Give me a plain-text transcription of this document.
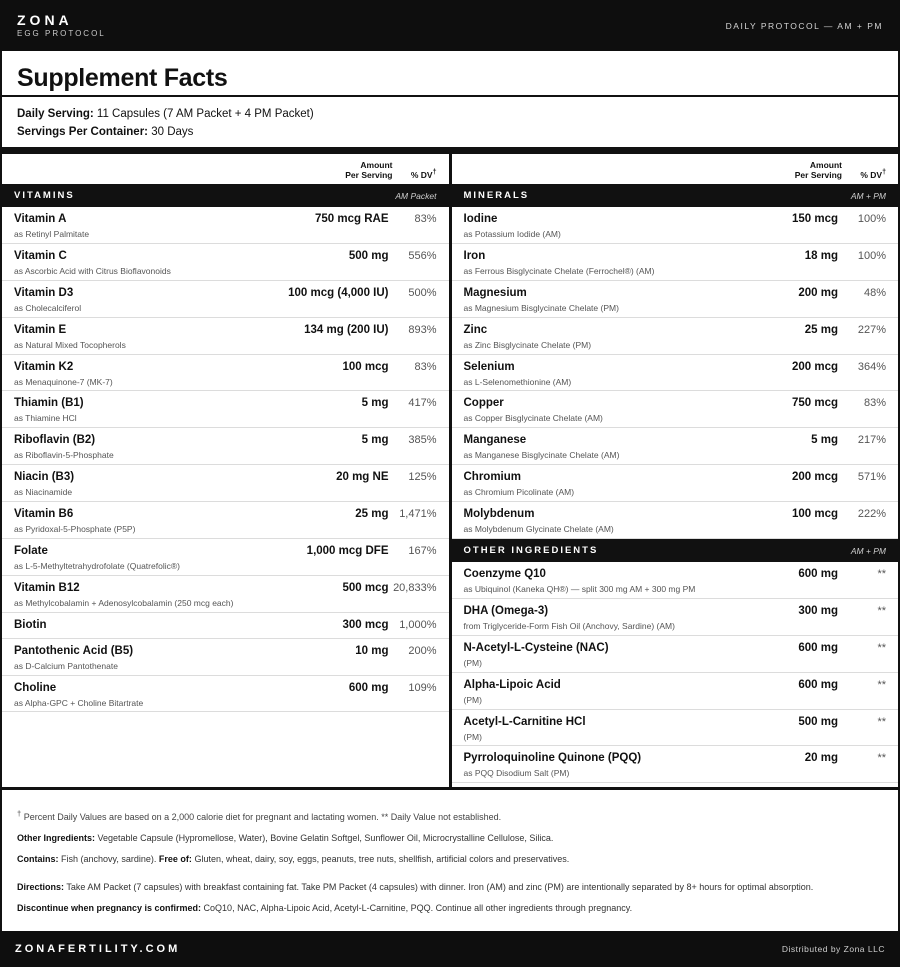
ZONA
EGG PROTOCOL
DAILY PROTOCOL — AM + PM
Supplement Facts
Daily Serving: 11 Capsules (7 AM Packet + 4 PM Packet)
Servings Per Container: 30 Days
Amount
Per Serving	% DV†
VITAMINS	AM Packet
Vitamin A
as Retinyl Palmitate
750 mcg RAE	83%
Vitamin C
as Ascorbic Acid with Citrus Bioflavonoids
500 mg	556%
Vitamin D3
as Cholecalciferol
100 mcg (4,000 IU)	500%
Vitamin E
as Natural Mixed Tocopherols
134 mg (200 IU)	893%
Vitamin K2
as Menaquinone-7 (MK-7)
100 mcg	83%
Thiamin (B1)
as Thiamine HCl
5 mg	417%
Riboflavin (B2)
as Riboflavin-5-Phosphate
5 mg	385%
Niacin (B3)
as Niacinamide
20 mg NE	125%
Vitamin B6
as Pyridoxal-5-Phosphate (P5P)
25 mg 1,471%
Folate
as L-5-Methyltetrahydrofolate (Quatrefolic®)
1,000 mcg DFE	167%
Vitamin B12
as Methylcobalamin + Adenosylcobalamin (250 mcg each)
500 mcg 20,833%
Biotin	300 mcg 1,000%
Pantothenic Acid (B5)
as D-Calcium Pantothenate
10 mg	200%
Choline
as Alpha-GPC + Choline Bitartrate
600 mg	109%
Amount
Per Serving	% DV†
MINERALS	AM + PM
Iodine
as Potassium Iodide (AM)
150 mcg	100%
Iron
as Ferrous Bisglycinate Chelate (Ferrochel®) (AM)
18 mg	100%
Magnesium
as Magnesium Bisglycinate Chelate (PM)
200 mg	48%
Zinc
as Zinc Bisglycinate Chelate (PM)
25 mg	227%
Selenium
as L-Selenomethionine (AM)
200 mcg	364%
Copper
as Copper Bisglycinate Chelate (AM)
750 mcg	83%
Manganese
as Manganese Bisglycinate Chelate (AM)
5 mg	217%
Chromium
as Chromium Picolinate (AM)
200 mcg	571%
Molybdenum
as Molybdenum Glycinate Chelate (AM)
100 mcg	222%
OTHER INGREDIENTS	AM + PM
Coenzyme Q10
as Ubiquinol (Kaneka QH®) — split 300 mg AM + 300 mg PM
600 mg	**
DHA (Omega-3)
from Triglyceride-Form Fish Oil (Anchovy, Sardine) (AM)
300 mg	**
N-Acetyl-L-Cysteine (NAC)
(PM)
600 mg	**
Alpha-Lipoic Acid
(PM)
600 mg	**
Acetyl-L-Carnitine HCl
(PM)
500 mg	**
Pyrroloquinoline Quinone (PQQ)
as PQQ Disodium Salt (PM)
20 mg	**

† Percent Daily Values are based on a 2,000 calorie diet for pregnant and lactating women. ** Daily Value not established.

Other Ingredients: Vegetable Capsule (Hypromellose, Water), Bovine Gelatin Softgel, Sunflower Oil, Microcrystalline Cellulose, Silica.

Contains: Fish (anchovy, sardine). Free of: Gluten, wheat, dairy, soy, eggs, peanuts, tree nuts, shellfish, artificial colors and preservatives.

Directions: Take AM Packet (7 capsules) with breakfast containing fat. Take PM Packet (4 capsules) with dinner. Iron (AM) and zinc (PM) are intentionally separated by 8+ hours for optimal absorption.

Discontinue when pregnancy is confirmed: CoQ10, NAC, Alpha-Lipoic Acid, Acetyl-L-Carnitine, PQQ. Continue all other ingredients through pregnancy.

ZONAFERTILITY.COM	Distributed by Zona LLC
